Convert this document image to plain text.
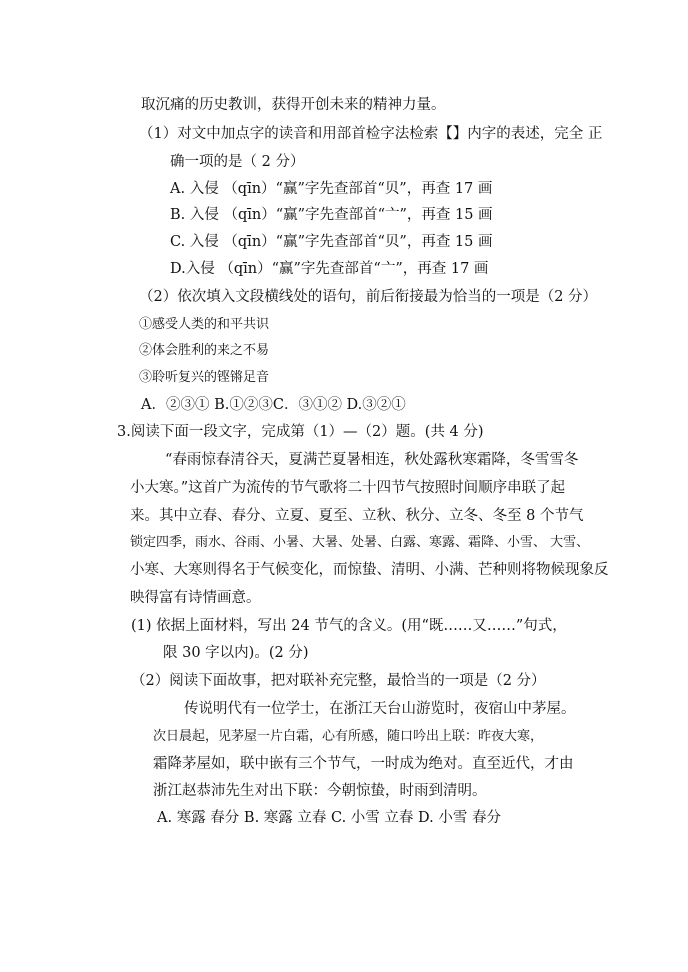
取沉痛的历史教训，获得开创未来的精神力量。
（1）对文中加点字的读音和用部首检字法检索【】内字的表述，完全 正
确一项的是（ 2 分）
A. 入侵 （qīn）“赢”字先查部首“贝”，再查 17 画
B. 入侵 （qīn）“赢”字先查部首“亠”，再查 15 画
C. 入侵 （qīn）“赢”字先查部首“贝”，再查 15 画
D.入侵 （qīn）“赢”字先查部首“亠”，再查 17 画
（2）依次填入文段横线处的语句，前后衔接最为恰当的一项是（2 分）
①感受人类的和平共识
②体会胜利的来之不易
③聆听复兴的铿锵足音
A．②③① B.①②③C．③①② D.③②①
3.阅读下面一段文字，完成第（1）—（2）题。(共 4 分)
“春雨惊春清谷天，夏满芒夏暑相连，秋处露秋寒霜降，冬雪雪冬
小大寒。”这首广为流传的节气歌将二十四节气按照时间顺序串联了起
来。其中立春、春分、立夏、夏至、立秋、秋分、立冬、冬至 8 个节气
锁定四季，雨水、谷雨、小暑、大暑、处暑、白露、寒露、霜降、小雪、 大雪、
小寒、大寒则得名于气候变化，而惊蛰、清明、小满、芒种则将物候现象反
映得富有诗情画意。
(1) 依据上面材料，写出 24 节气的含义。(用“既……又……”句式，
限 30 字以内)。(2 分)
（2）阅读下面故事，把对联补充完整，最恰当的一项是（2 分）
传说明代有一位学士，在浙江天台山游览时，夜宿山中茅屋。
次日晨起，见茅屋一片白霜，心有所感，随口吟出上联：昨夜大寒，
霜降茅屋如，联中嵌有三个节气，一时成为绝对。直至近代，才由
浙江赵恭沛先生对出下联：今朝惊蛰，时雨到清明。
A. 寒露 春分 B. 寒露 立春 C. 小雪 立春 D. 小雪 春分
